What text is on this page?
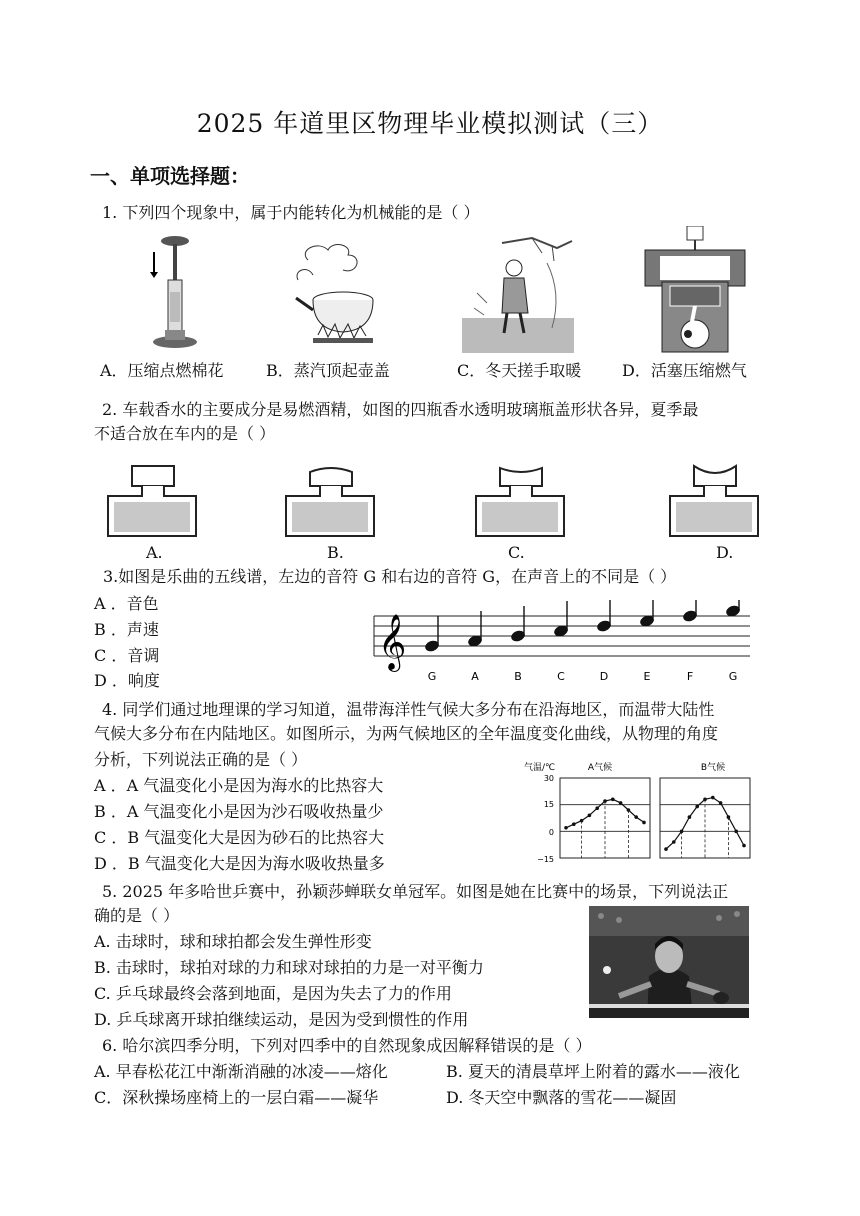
2025 年道里区物理毕业模拟测试（三）
一、单项选择题：
1. 下列四个现象中，属于内能转化为机械能的是（ ）
A．压缩点燃棉花	B．蒸汽顶起壶盖	C．冬天搓手取暖	D．活塞压缩燃气
2. 车载香水的主要成分是易燃酒精，如图的四瓶香水透明玻璃瓶盖形状各异，夏季最
不适合放在车内的是（ ）
A.	B.	C.	D.
3.如图是乐曲的五线谱，左边的音符 G 和右边的音符 G，在声音上的不同是（ ）
A ．音色
B ．声速
C ．音调
D ．响度
𝄞
G	A	B	C	D	E	F	G
4. 同学们通过地理课的学习知道，温带海洋性气候大多分布在沿海地区，而温带大陆性
气候大多分布在内陆地区。如图所示，为两气候地区的全年温度变化曲线，从物理的角度
分析，下列说法正确的是（ ）
A ．A 气温变化小是因为海水的比热容大
B ．A 气温变化小是因为沙石吸收热量少
C ．B 气温变化大是因为砂石的比热容大
D ．B 气温变化大是因为海水吸收热量多
气温/℃	A气候	B气候
30
15
0
−15
5. 2025 年多哈世乒赛中，孙颖莎蝉联女单冠军。如图是她在比赛中的场景，下列说法正
确的是（ ）
A. 击球时，球和球拍都会发生弹性形变
B. 击球时，球拍对球的力和球对球拍的力是一对平衡力
C. 乒乓球最终会落到地面，是因为失去了力的作用
D. 乒乓球离开球拍继续运动，是因为受到惯性的作用
6. 哈尔滨四季分明，下列对四季中的自然现象成因解释错误的是（ ）
A. 早春松花江中渐渐消融的冰凌——熔化	B. 夏天的清晨草坪上附着的露水——液化
C．深秋操场座椅上的一层白霜——凝华	D. 冬天空中飘落的雪花——凝固
